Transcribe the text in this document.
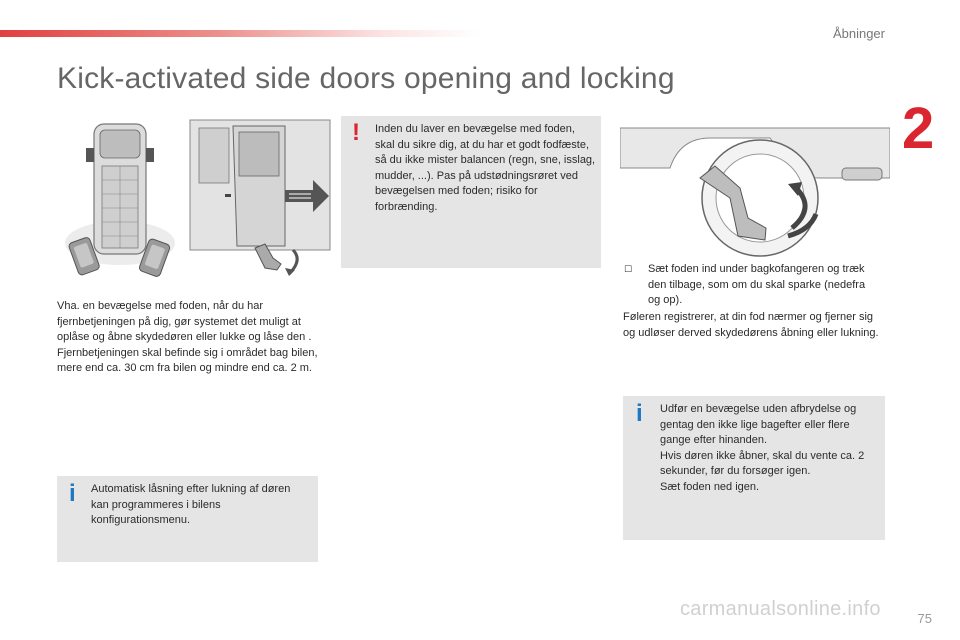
Åbninger
2
Kick-activated side doors opening and locking

Vha. en bevægelse med foden, når du har fjernbetjeningen på dig, gør systemet det muligt at oplåse og åbne skydedøren eller lukke og låse den .

Fjernbetjeningen skal befinde sig i området bag bilen, mere end ca. 30 cm fra bilen og mindre end ca. 2 m.

! Inden du laver en bevægelse med foden, skal du sikre dig, at du har et godt fodfæste, så du ikke mister balancen (regn, sne, isslag, mudder, ...). Pas på udstødningsrøret ved bevægelsen med foden; risiko for forbrænding.
i Automatisk låsning efter lukning af døren kan programmeres i bilens konfigurationsmenu.
☐ Sæt foden ind under bagkofangeren og træk den tilbage, som om du skal sparke (nedefra og op).

Føleren registrerer, at din fod nærmer og fjerner sig og udløser derved skydedørens åbning eller lukning.

i Udfør en bevægelse uden afbrydelse og gentag den ikke lige bagefter eller flere gange efter hinanden.
Hvis døren ikke åbner, skal du vente ca. 2 sekunder, før du forsøger igen.
Sæt foden ned igen.
75
carmanualsonline.info
